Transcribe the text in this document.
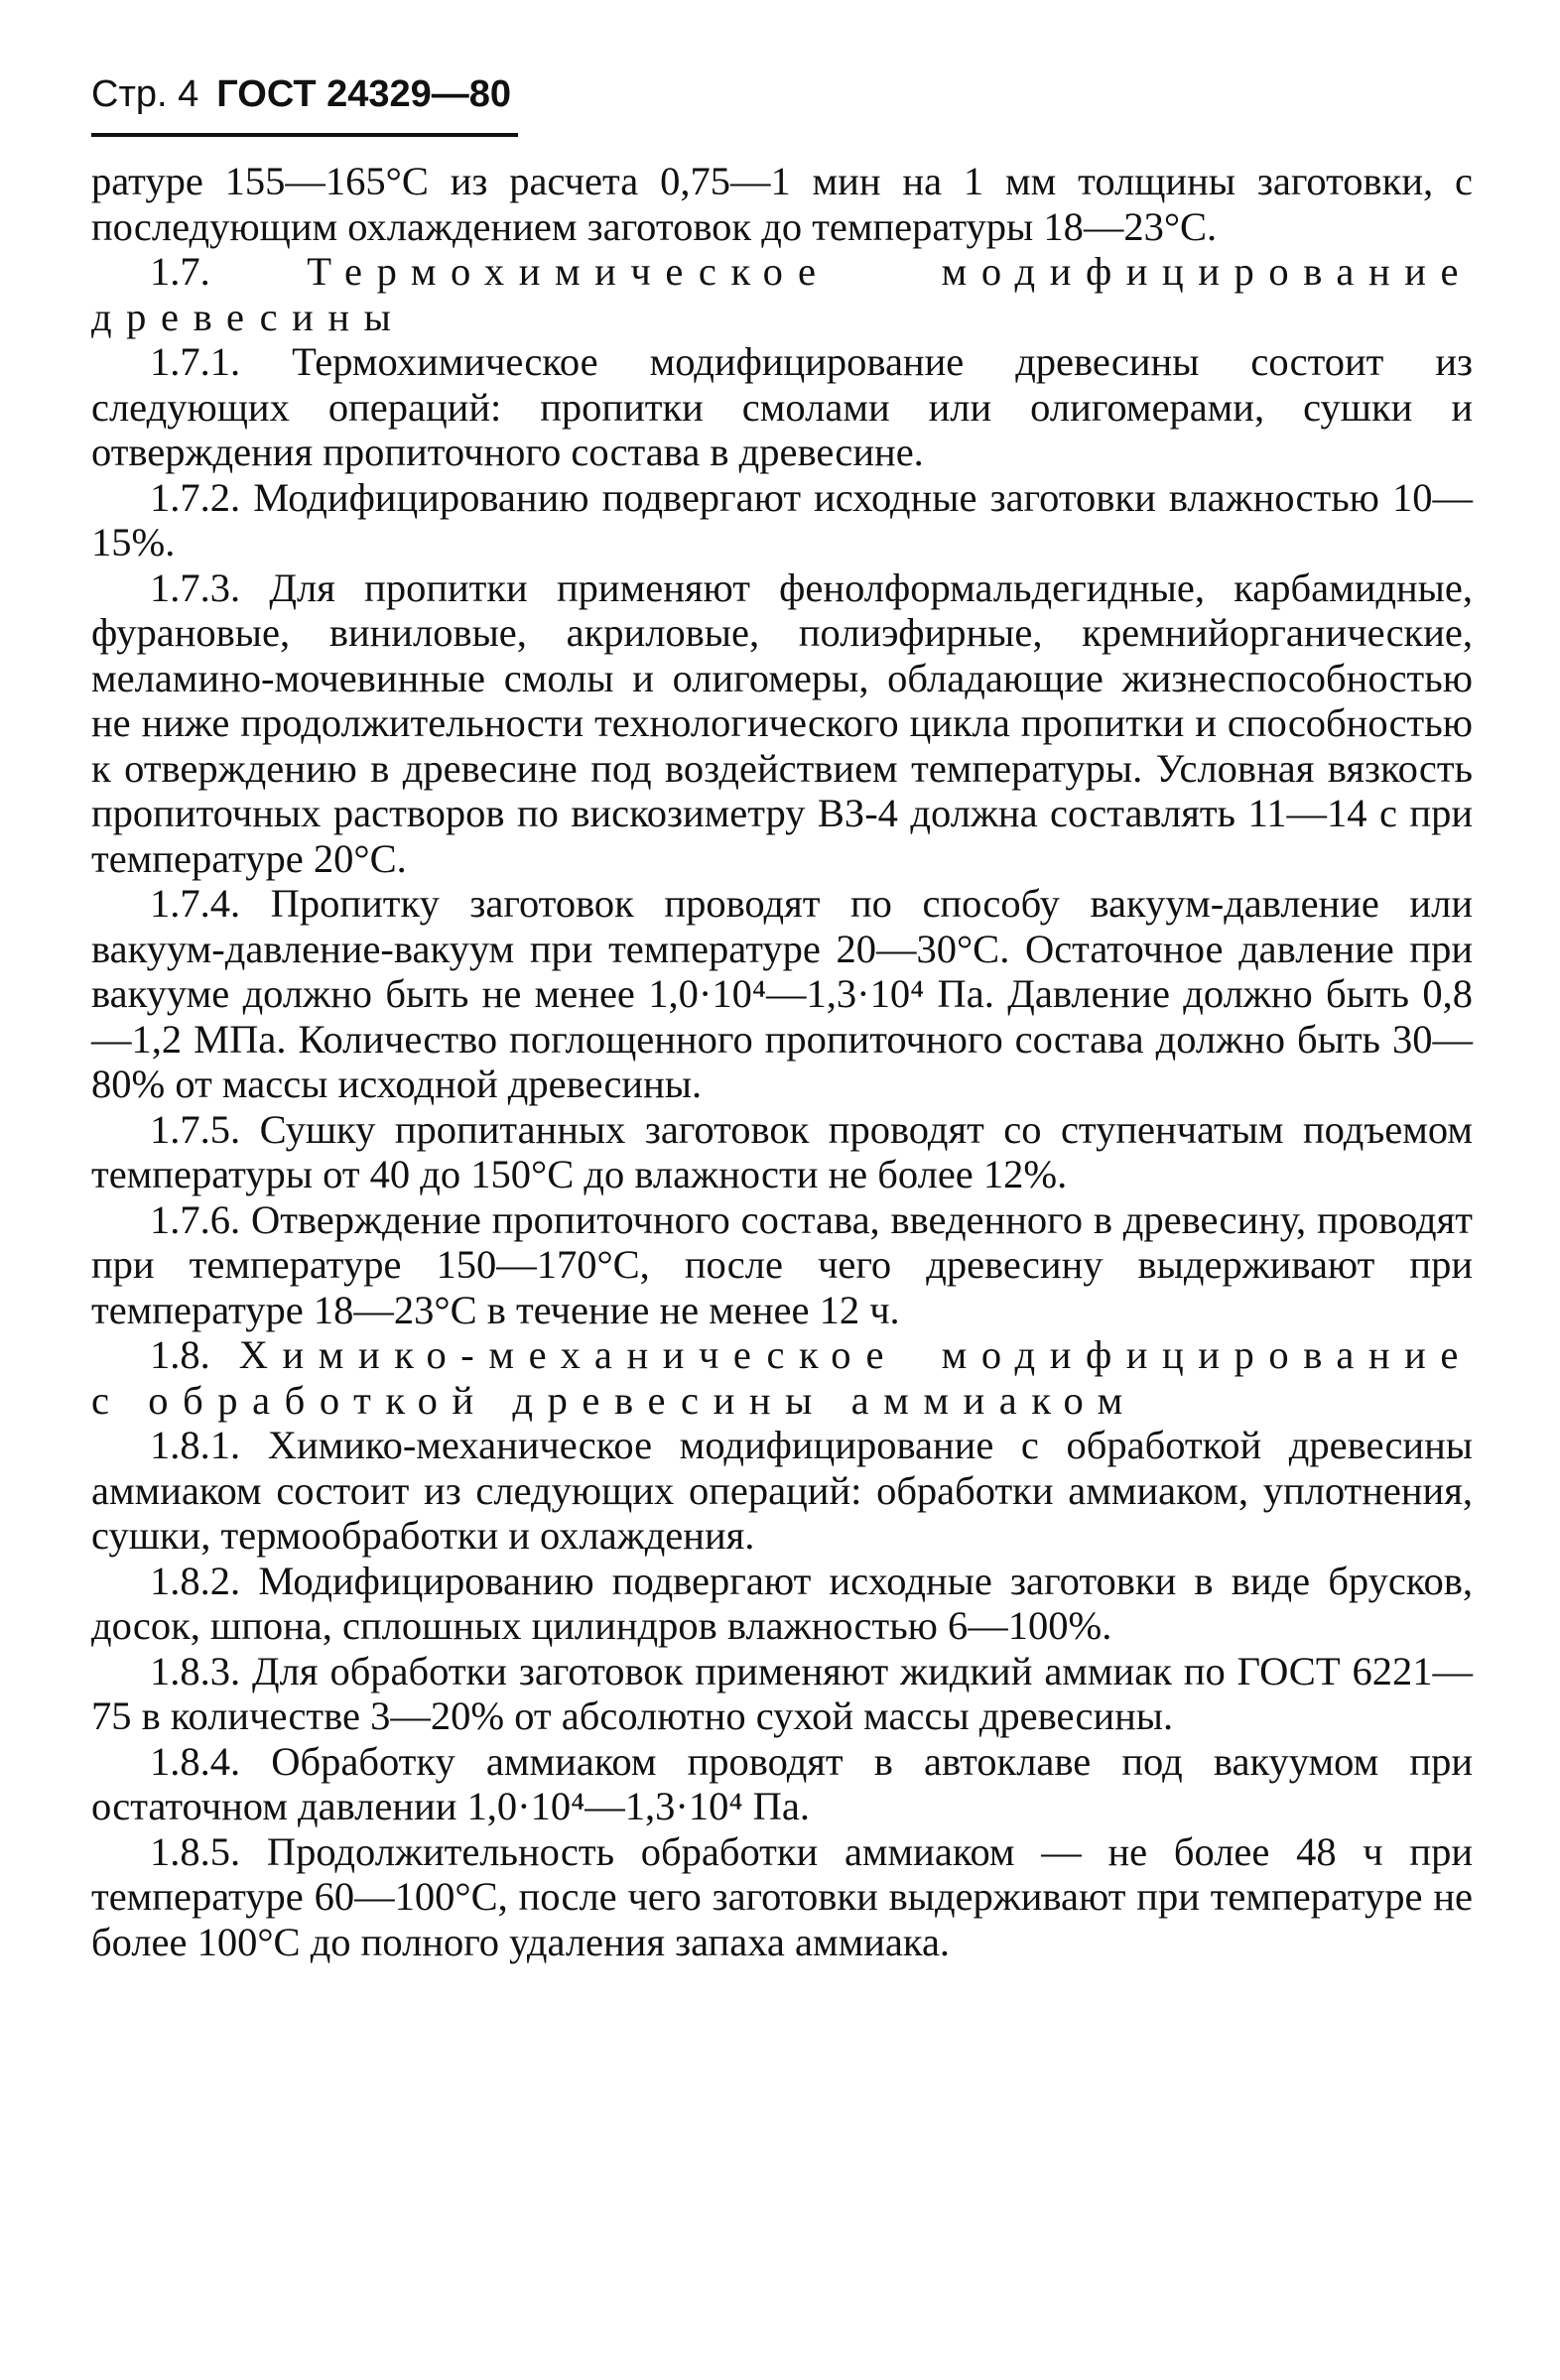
Стр. 4 ГОСТ 24329—80

ратуре 155—165°С из расчета 0,75—1 мин на 1 мм толщины заготовки, с последующим охлаждением заготовок до температуры 18—23°С.

1.7. Термохимическое модифицирование древесины

1.7.1. Термохимическое модифицирование древесины состоит из следующих операций: пропитки смолами или олигомерами, сушки и отверждения пропиточного состава в древесине.

1.7.2. Модифицированию подвергают исходные заготовки влажностью 10—15%.

1.7.3. Для пропитки применяют фенолформальдегидные, карбамидные, фурановые, виниловые, акриловые, полиэфирные, кремнийорганические, меламино-мочевинные смолы и олигомеры, обладающие жизнеспособностью не ниже продолжительности технологического цикла пропитки и способностью к отверждению в древесине под воздействием температуры. Условная вязкость пропиточных растворов по вискозиметру ВЗ-4 должна составлять 11—14 с при температуре 20°С.

1.7.4. Пропитку заготовок проводят по способу вакуум-давление или вакуум-давление-вакуум при температуре 20—30°С. Остаточное давление при вакууме должно быть не менее 1,0·10⁴—1,3·10⁴ Па. Давление должно быть 0,8—1,2 МПа. Количество поглощенного пропиточного состава должно быть 30—80% от массы исходной древесины.

1.7.5. Сушку пропитанных заготовок проводят со ступенчатым подъемом температуры от 40 до 150°С до влажности не более 12%.

1.7.6. Отверждение пропиточного состава, введенного в древесину, проводят при температуре 150—170°С, после чего древесину выдерживают при температуре 18—23°С в течение не менее 12 ч.

1.8. Химико-механическое модифицирование с обработкой древесины аммиаком

1.8.1. Химико-механическое модифицирование с обработкой древесины аммиаком состоит из следующих операций: обработки аммиаком, уплотнения, сушки, термообработки и охлаждения.

1.8.2. Модифицированию подвергают исходные заготовки в виде брусков, досок, шпона, сплошных цилиндров влажностью 6—100%.

1.8.3. Для обработки заготовок применяют жидкий аммиак по ГОСТ 6221—75 в количестве 3—20% от абсолютно сухой массы древесины.

1.8.4. Обработку аммиаком проводят в автоклаве под вакуумом при остаточном давлении 1,0·10⁴—1,3·10⁴ Па.

1.8.5. Продолжительность обработки аммиаком — не более 48 ч при температуре 60—100°С, после чего заготовки выдерживают при температуре не более 100°С до полного удаления запаха аммиака.
